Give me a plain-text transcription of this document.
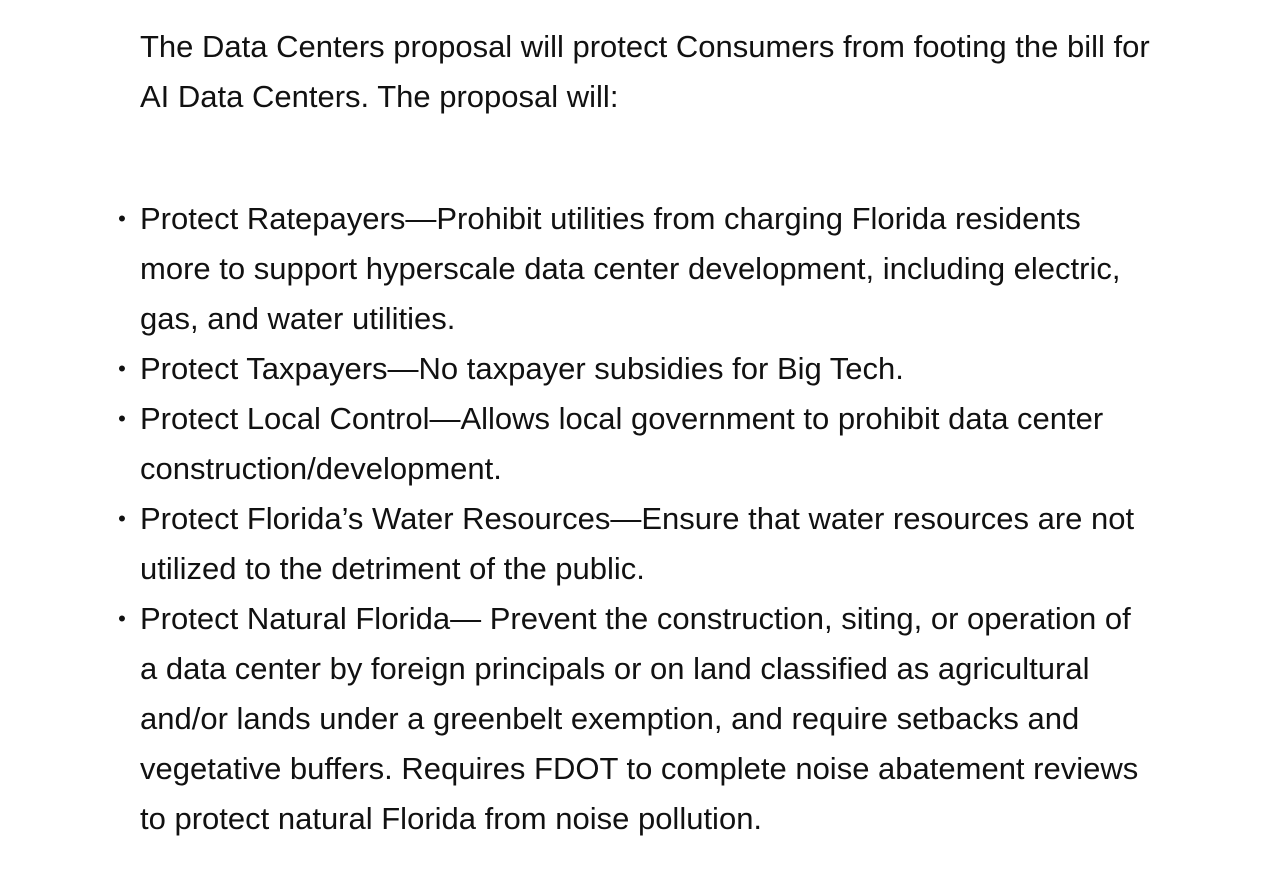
The Data Centers proposal will protect Consumers from footing the bill for AI Data Centers. The proposal will:

• Protect Ratepayers—Prohibit utilities from charging Florida residents more to support hyperscale data center development, including electric, gas, and water utilities.
• Protect Taxpayers—No taxpayer subsidies for Big Tech.
• Protect Local Control—Allows local government to prohibit data center construction/development.
• Protect Florida’s Water Resources—Ensure that water resources are not utilized to the detriment of the public.
• Protect Natural Florida— Prevent the construction, siting, or operation of a data center by foreign principals or on land classified as agricultural and/or lands under a greenbelt exemption, and require setbacks and vegetative buffers. Requires FDOT to complete noise abatement reviews to protect natural Florida from noise pollution.
